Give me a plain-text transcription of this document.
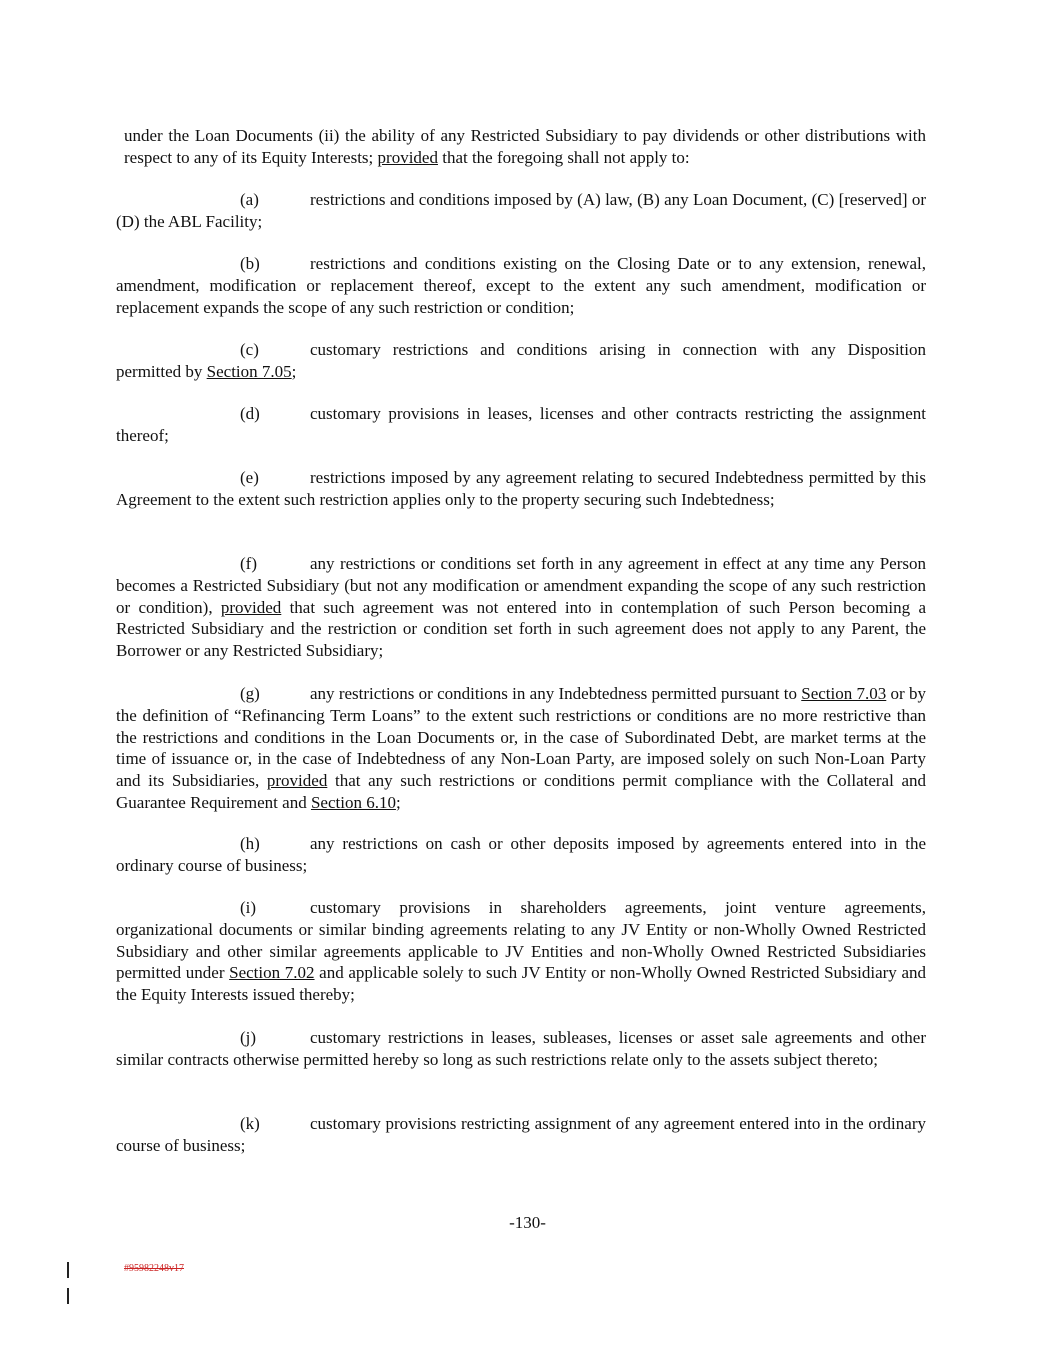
under the Loan Documents (ii) the ability of any Restricted Subsidiary to pay dividends or other distributions with respect to any of its Equity Interests; provided that the foregoing shall not apply to:

(a)	restrictions and conditions imposed by (A) law, (B) any Loan Document, (C) [reserved] or (D) the ABL Facility;

(b)	restrictions and conditions existing on the Closing Date or to any extension, renewal, amendment, modification or replacement thereof, except to the extent any such amendment, modification or replacement expands the scope of any such restriction or condition;

(c)	customary restrictions and conditions arising in connection with any Disposition permitted by Section 7.05;

(d)	customary provisions in leases, licenses and other contracts restricting the assignment thereof;

(e)	restrictions imposed by any agreement relating to secured Indebtedness permitted by this Agreement to the extent such restriction applies only to the property securing such Indebtedness;

(f)	any restrictions or conditions set forth in any agreement in effect at any time any Person becomes a Restricted Subsidiary (but not any modification or amendment expanding the scope of any such restriction or condition), provided that such agreement was not entered into in contemplation of such Person becoming a Restricted Subsidiary and the restriction or condition set forth in such agreement does not apply to any Parent, the Borrower or any Restricted Subsidiary;

(g)	any restrictions or conditions in any Indebtedness permitted pursuant to Section 7.03 or by the definition of “Refinancing Term Loans” to the extent such restrictions or conditions are no more restrictive than the restrictions and conditions in the Loan Documents or, in the case of Subordinated Debt, are market terms at the time of issuance or, in the case of Indebtedness of any Non-Loan Party, are imposed solely on such Non-Loan Party and its Subsidiaries, provided that any such restrictions or conditions permit compliance with the Collateral and Guarantee Requirement and Section 6.10;

(h)	any restrictions on cash or other deposits imposed by agreements entered into in the ordinary course of business;

(i)	customary provisions in shareholders agreements, joint venture agreements, organizational documents or similar binding agreements relating to any JV Entity or non-Wholly Owned Restricted Subsidiary and other similar agreements applicable to JV Entities and non-Wholly Owned Restricted Subsidiaries permitted under Section 7.02 and applicable solely to such JV Entity or non-Wholly Owned Restricted Subsidiary and the Equity Interests issued thereby;

(j)	customary restrictions in leases, subleases, licenses or asset sale agreements and other similar contracts otherwise permitted hereby so long as such restrictions relate only to the assets subject thereto;

(k)	customary provisions restricting assignment of any agreement entered into in the ordinary course of business;

-130-

#95982248v17
